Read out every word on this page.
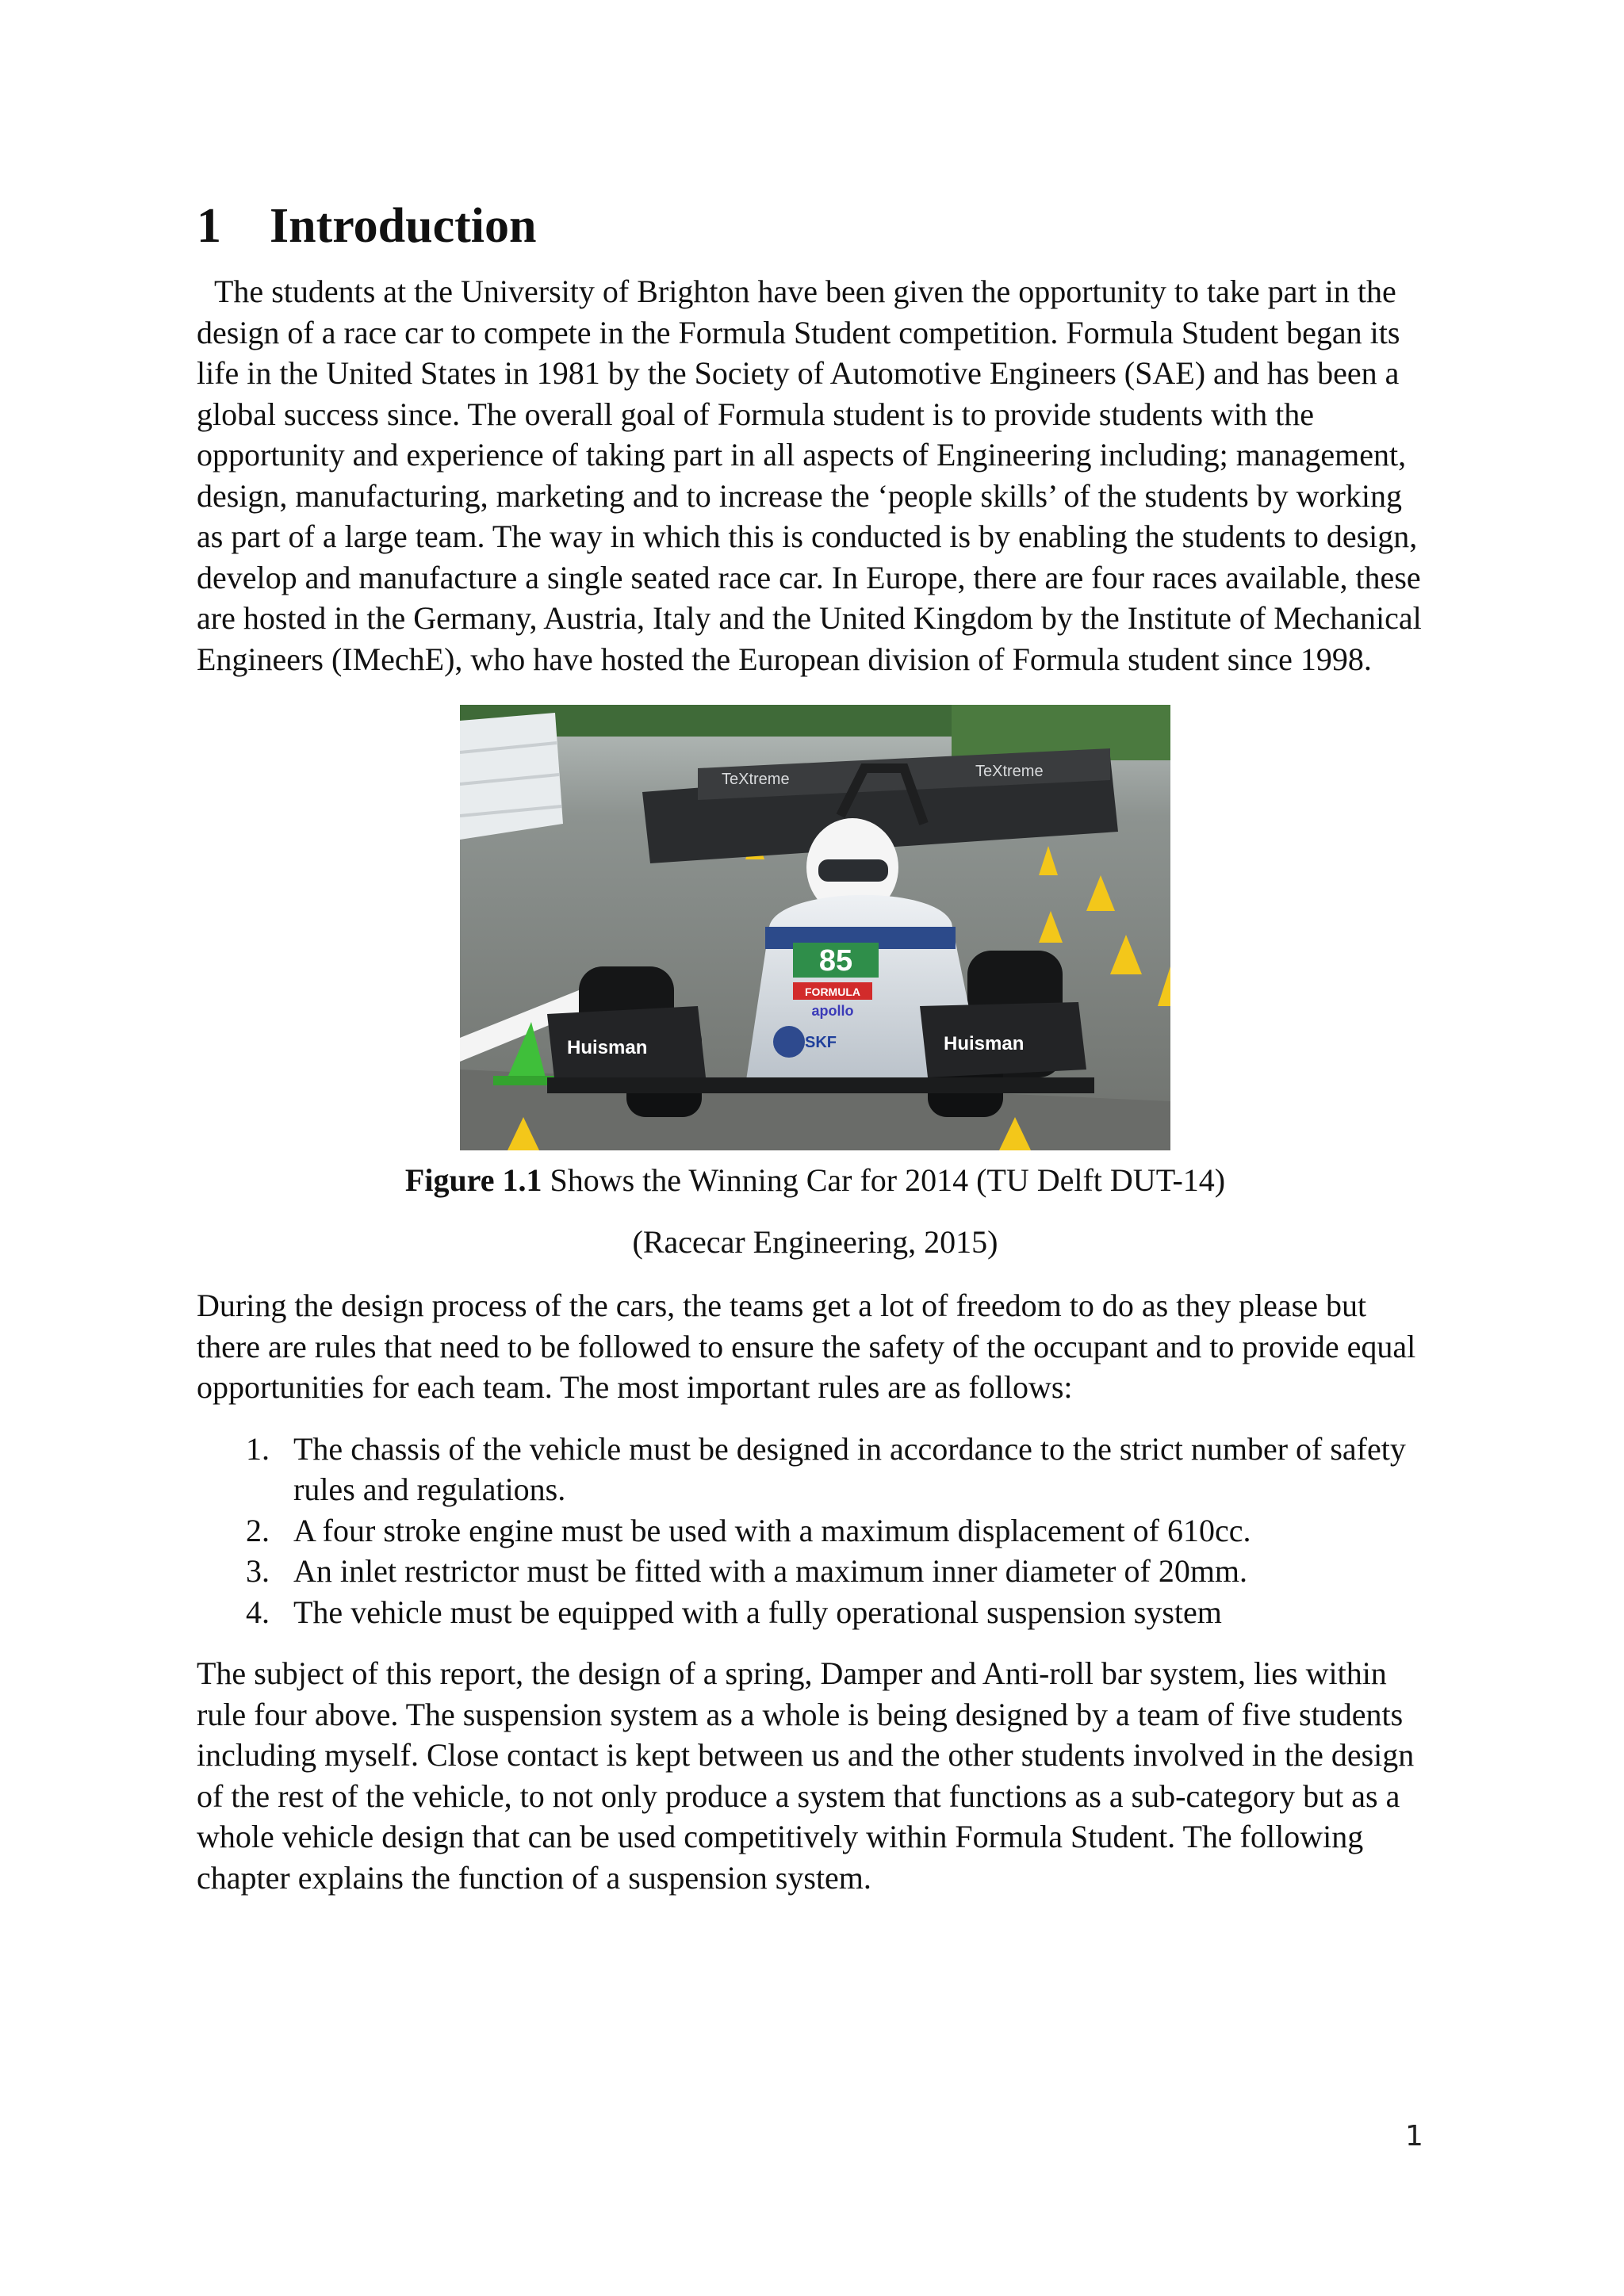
1 Introduction

The students at the University of Brighton have been given the opportunity to take part in the design of a race car to compete in the Formula Student competition. Formula Student began its life in the United States in 1981 by the Society of Automotive Engineers (SAE) and has been a global success since. The overall goal of Formula student is to provide students with the opportunity and experience of taking part in all aspects of Engineering including; management, design, manufacturing, marketing and to increase the ‘people skills’ of the students by working as part of a large team. The way in which this is conducted is by enabling the students to design, develop and manufacture a single seated race car. In Europe, there are four races available, these are hosted in the Germany, Austria, Italy and the United Kingdom by the Institute of Mechanical Engineers (IMechE), who have hosted the European division of Formula student since 1998.

TeXtreme	TeXtreme
85
FORMULA
apollo
SKF
Huisman	Huisman
Figure 1.1 Shows the Winning Car for 2014 (TU Delft DUT-14)
(Racecar Engineering, 2015)

During the design process of the cars, the teams get a lot of freedom to do as they please but there are rules that need to be followed to ensure the safety of the occupant and to provide equal opportunities for each team. The most important rules are as follows:

1. The chassis of the vehicle must be designed in accordance to the strict number of safety rules and regulations.
2. A four stroke engine must be used with a maximum displacement of 610cc.
3. An inlet restrictor must be fitted with a maximum inner diameter of 20mm.
4. The vehicle must be equipped with a fully operational suspension system

The subject of this report, the design of a spring, Damper and Anti-roll bar system, lies within rule four above. The suspension system as a whole is being designed by a team of five students including myself. Close contact is kept between us and the other students involved in the design of the rest of the vehicle, to not only produce a system that functions as a sub-category but as a whole vehicle design that can be used competitively within Formula Student. The following chapter explains the function of a suspension system.

1
